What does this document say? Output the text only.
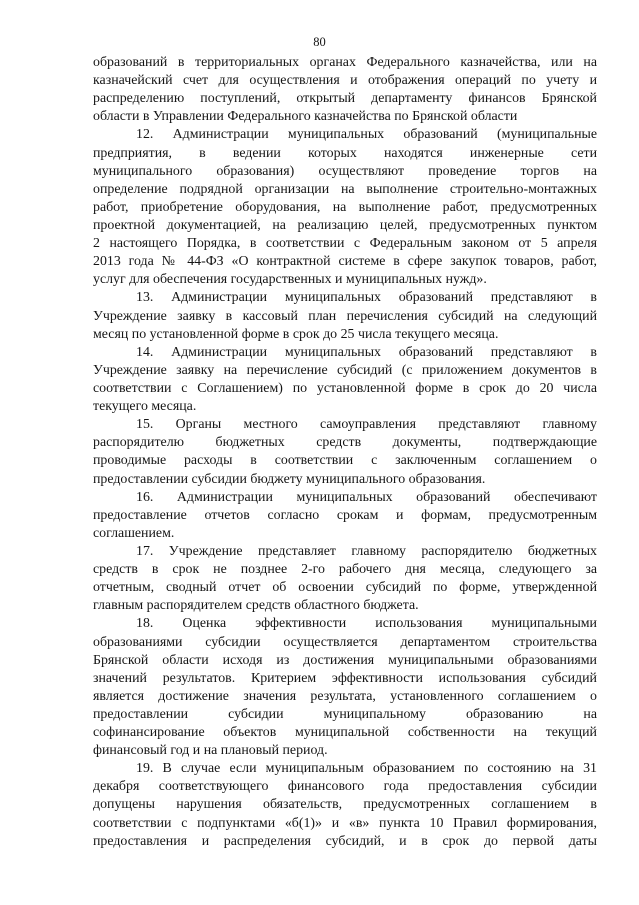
80
образований в территориальных органах Федерального казначейства, или на
казначейский счет для осуществления и отображения операций по учету и
распределению поступлений, открытый департаменту финансов Брянской
области в Управлении Федерального казначейства по Брянской области
12. Администрации муниципальных образований (муниципальные
предприятия, в ведении которых находятся инженерные сети
муниципального образования) осуществляют проведение торгов на
определение подрядной организации на выполнение строительно-монтажных
работ, приобретение оборудования, на выполнение работ, предусмотренных
проектной документацией, на реализацию целей, предусмотренных пунктом
2 настоящего Порядка, в соответствии с Федеральным законом от 5 апреля
2013 года № 44-ФЗ «О контрактной системе в сфере закупок товаров, работ,
услуг для обеспечения государственных и муниципальных нужд».
13. Администрации муниципальных образований представляют в
Учреждение заявку в кассовый план перечисления субсидий на следующий
месяц по установленной форме в срок до 25 числа текущего месяца.
14. Администрации муниципальных образований представляют в
Учреждение заявку на перечисление субсидий (с приложением документов в
соответствии с Соглашением) по установленной форме в срок до 20 числа
текущего месяца.
15. Органы местного самоуправления представляют главному
распорядителю бюджетных средств документы, подтверждающие
проводимые расходы в соответствии с заключенным соглашением о
предоставлении субсидии бюджету муниципального образования.
16. Администрации муниципальных образований обеспечивают
предоставление отчетов согласно срокам и формам, предусмотренным
соглашением.
17. Учреждение представляет главному распорядителю бюджетных
средств в срок не позднее 2-го рабочего дня месяца, следующего за
отчетным, сводный отчет об освоении субсидий по форме, утвержденной
главным распорядителем средств областного бюджета.
18. Оценка эффективности использования муниципальными
образованиями субсидии осуществляется департаментом строительства
Брянской области исходя из достижения муниципальными образованиями
значений результатов. Критерием эффективности использования субсидий
является достижение значения результата, установленного соглашением о
предоставлении субсидии муниципальному образованию на
софинансирование объектов муниципальной собственности на текущий
финансовый год и на плановый период.
19. В случае если муниципальным образованием по состоянию на 31
декабря соответствующего финансового года предоставления субсидии
допущены нарушения обязательств, предусмотренных соглашением в
соответствии с подпунктами «б(1)» и «в» пункта 10 Правил формирования,
предоставления и распределения субсидий, и в срок до первой даты
